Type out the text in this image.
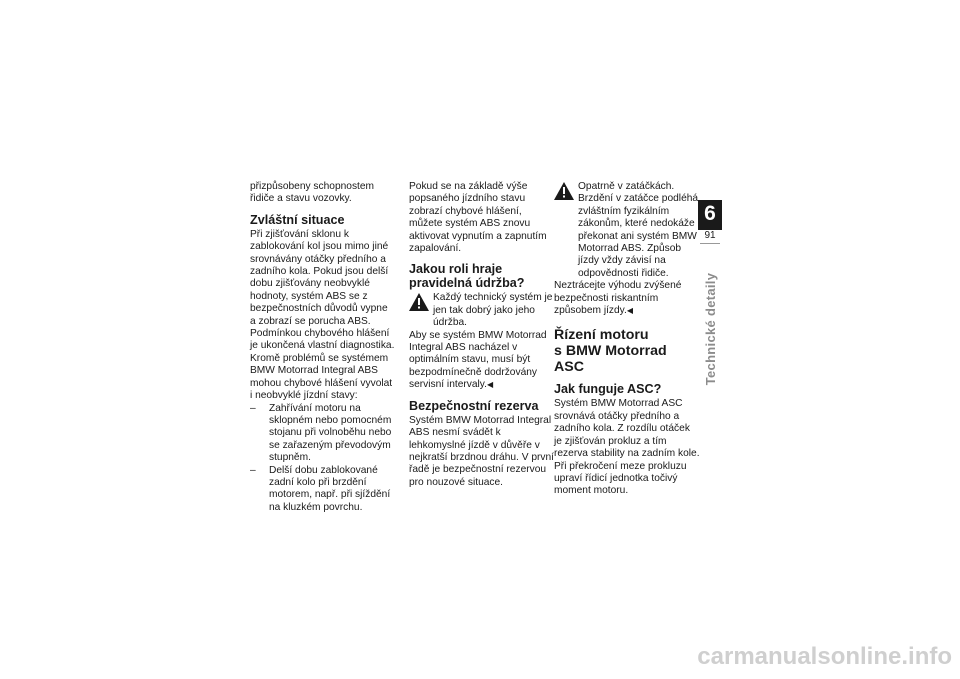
přizpůsobeny schopnostem řidiče a stavu vozovky.

Zvláštní situace

Při zjišťování sklonu k zablokování kol jsou mimo jiné srovnávány otáčky předního a zadního kola. Pokud jsou delší dobu zjišťovány neobvyklé hodnoty, systém ABS se z bezpečnostních důvodů vypne a zobrazí se porucha ABS. Podmínkou chybového hlášení je ukončená vlastní diagnostika.

Kromě problémů se systémem BMW Motorrad Integral ABS mohou chybové hlášení vyvolat i neobvyklé jízdní stavy:

– Zahřívání motoru na sklopném nebo pomocném stojanu při volnoběhu nebo se zařazeným převodovým stupněm.
– Delší dobu zablokované zadní kolo při brzdění motorem, např. při sjíždění na kluzkém povrchu.

Pokud se na základě výše popsaného jízdního stavu zobrazí chybové hlášení, můžete systém ABS znovu aktivovat vypnutím a zapnutím zapalování.

Jakou roli hraje pravidelná údržba?
Každý technický systém je jen tak dobrý jako jeho údržba.

Aby se systém BMW Motorrad Integral ABS nacházel v optimálním stavu, musí být bezpodmínečně dodržovány servisní intervaly.◀

Bezpečnostní rezerva

Systém BMW Motorrad Integral ABS nesmí svádět k lehkomyslné jízdě v důvěře v nejkratší brzdnou dráhu. V první řadě je bezpečnostní rezervou pro nouzové situace.

Opatrně v zatáčkách. Brzdění v zatáčce podléhá zvláštním fyzikálním zákonům, které nedokáže překonat ani systém BMW Motorrad ABS. Způsob jízdy vždy závisí na odpovědnosti řidiče.

Neztrácejte výhodu zvýšené bezpečnosti riskantním způsobem jízdy.◀

Řízení motoru
s BMW Motorrad ASC
Jak funguje ASC?

Systém BMW Motorrad ASC srovnává otáčky předního a zadního kola. Z rozdílu otáček je zjišťován prokluz a tím rezerva stability na zadním kole. Při překročení meze prokluzu upraví řídicí jednotka točivý moment motoru.

6
91
Technické detaily
carmanualsonline.info
